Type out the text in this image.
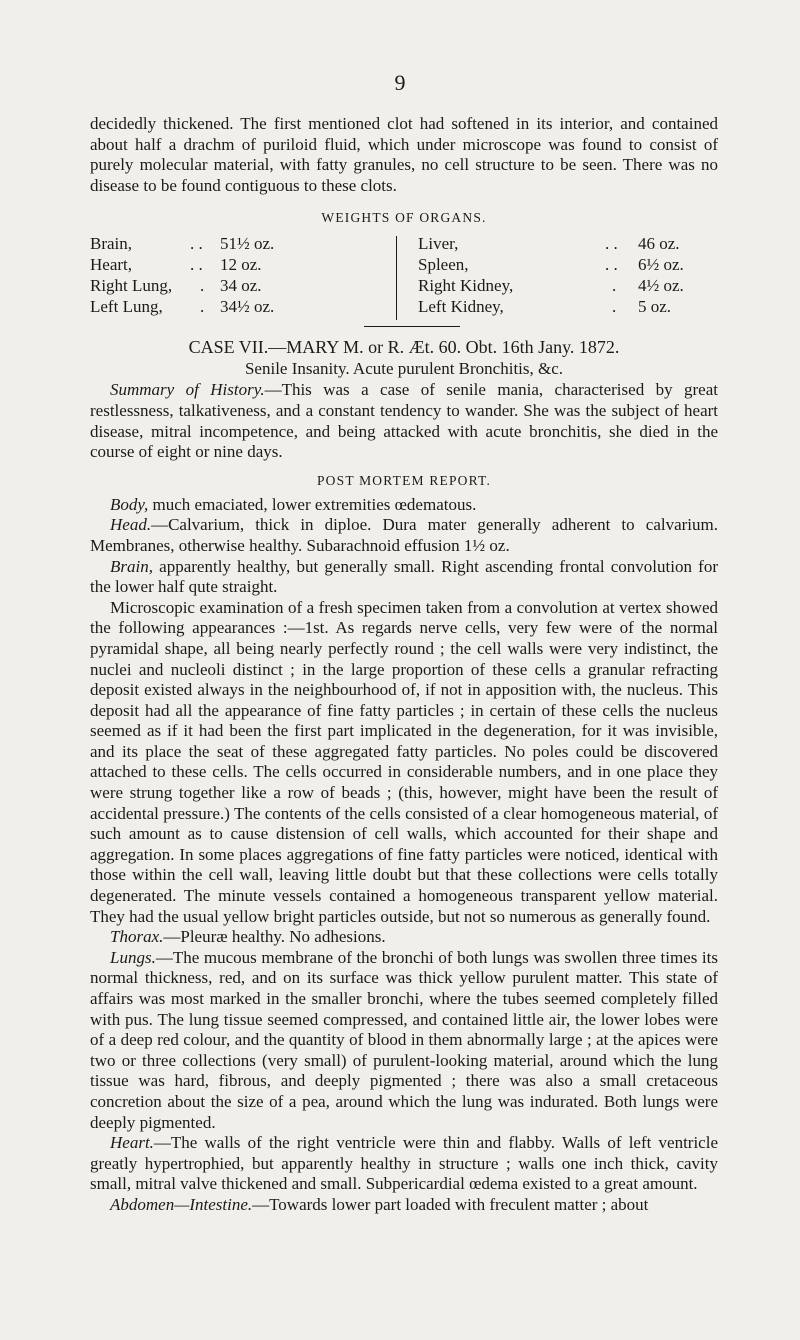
9

decidedly thickened. The first mentioned clot had softened in its interior, and contained about half a drachm of puriloid fluid, which under microscope was found to consist of purely molecular material, with fatty granules, no cell structure to be seen. There was no disease to be found contiguous to these clots.

WEIGHTS OF ORGANS.
Brain,	. . 51½ oz.	Liver,	. . 46 oz.
Heart,	. . 12 oz.	Spleen,	. . 6½ oz.
Right Lung, . 34 oz.	Right Kidney,	. 4½ oz.
Left Lung, . 34½ oz.	Left Kidney,	. 5 oz.
CASE VII.—MARY M. or R. Æt. 60. Obt. 16th Jany. 1872.
Senile Insanity. Acute purulent Bronchitis, &c.

Summary of History.—This was a case of senile mania, characterised by great restlessness, talkativeness, and a constant tendency to wander. She was the subject of heart disease, mitral incompetence, and being attacked with acute bronchitis, she died in the course of eight or nine days.

POST MORTEM REPORT.

Body, much emaciated, lower extremities œdematous.

Head.—Calvarium, thick in diploe. Dura mater generally adherent to calvarium. Membranes, otherwise healthy. Subarachnoid effusion 1½ oz.

Brain, apparently healthy, but generally small. Right ascending frontal convolution for the lower half qute straight.

Microscopic examination of a fresh specimen taken from a convolution at vertex showed the following appearances :—1st. As regards nerve cells, very few were of the normal pyramidal shape, all being nearly perfectly round ; the cell walls were very indistinct, the nuclei and nucleoli distinct ; in the large proportion of these cells a granular refracting deposit existed always in the neighbourhood of, if not in apposition with, the nucleus. This deposit had all the appearance of fine fatty particles ; in certain of these cells the nucleus seemed as if it had been the first part implicated in the degeneration, for it was invisible, and its place the seat of these aggregated fatty particles. No poles could be discovered attached to these cells. The cells occurred in considerable numbers, and in one place they were strung together like a row of beads ; (this, however, might have been the result of accidental pressure.) The contents of the cells consisted of a clear homogeneous material, of such amount as to cause distension of cell walls, which accounted for their shape and aggregation. In some places aggregations of fine fatty particles were noticed, identical with those within the cell wall, leaving little doubt but that these collections were cells totally degenerated. The minute vessels contained a homogeneous transparent yellow material. They had the usual yellow bright particles outside, but not so numerous as generally found.

Thorax.—Pleuræ healthy. No adhesions.

Lungs.—The mucous membrane of the bronchi of both lungs was swollen three times its normal thickness, red, and on its surface was thick yellow purulent matter. This state of affairs was most marked in the smaller bronchi, where the tubes seemed completely filled with pus. The lung tissue seemed compressed, and contained little air, the lower lobes were of a deep red colour, and the quantity of blood in them abnormally large ; at the apices were two or three collections (very small) of purulent-looking material, around which the lung tissue was hard, fibrous, and deeply pigmented ; there was also a small cretaceous concretion about the size of a pea, around which the lung was indurated. Both lungs were deeply pigmented.

Heart.—The walls of the right ventricle were thin and flabby. Walls of left ventricle greatly hypertrophied, but apparently healthy in structure ; walls one inch thick, cavity small, mitral valve thickened and small. Subpericardial œdema existed to a great amount.

Abdomen—Intestine.—Towards lower part loaded with freculent matter ; about
